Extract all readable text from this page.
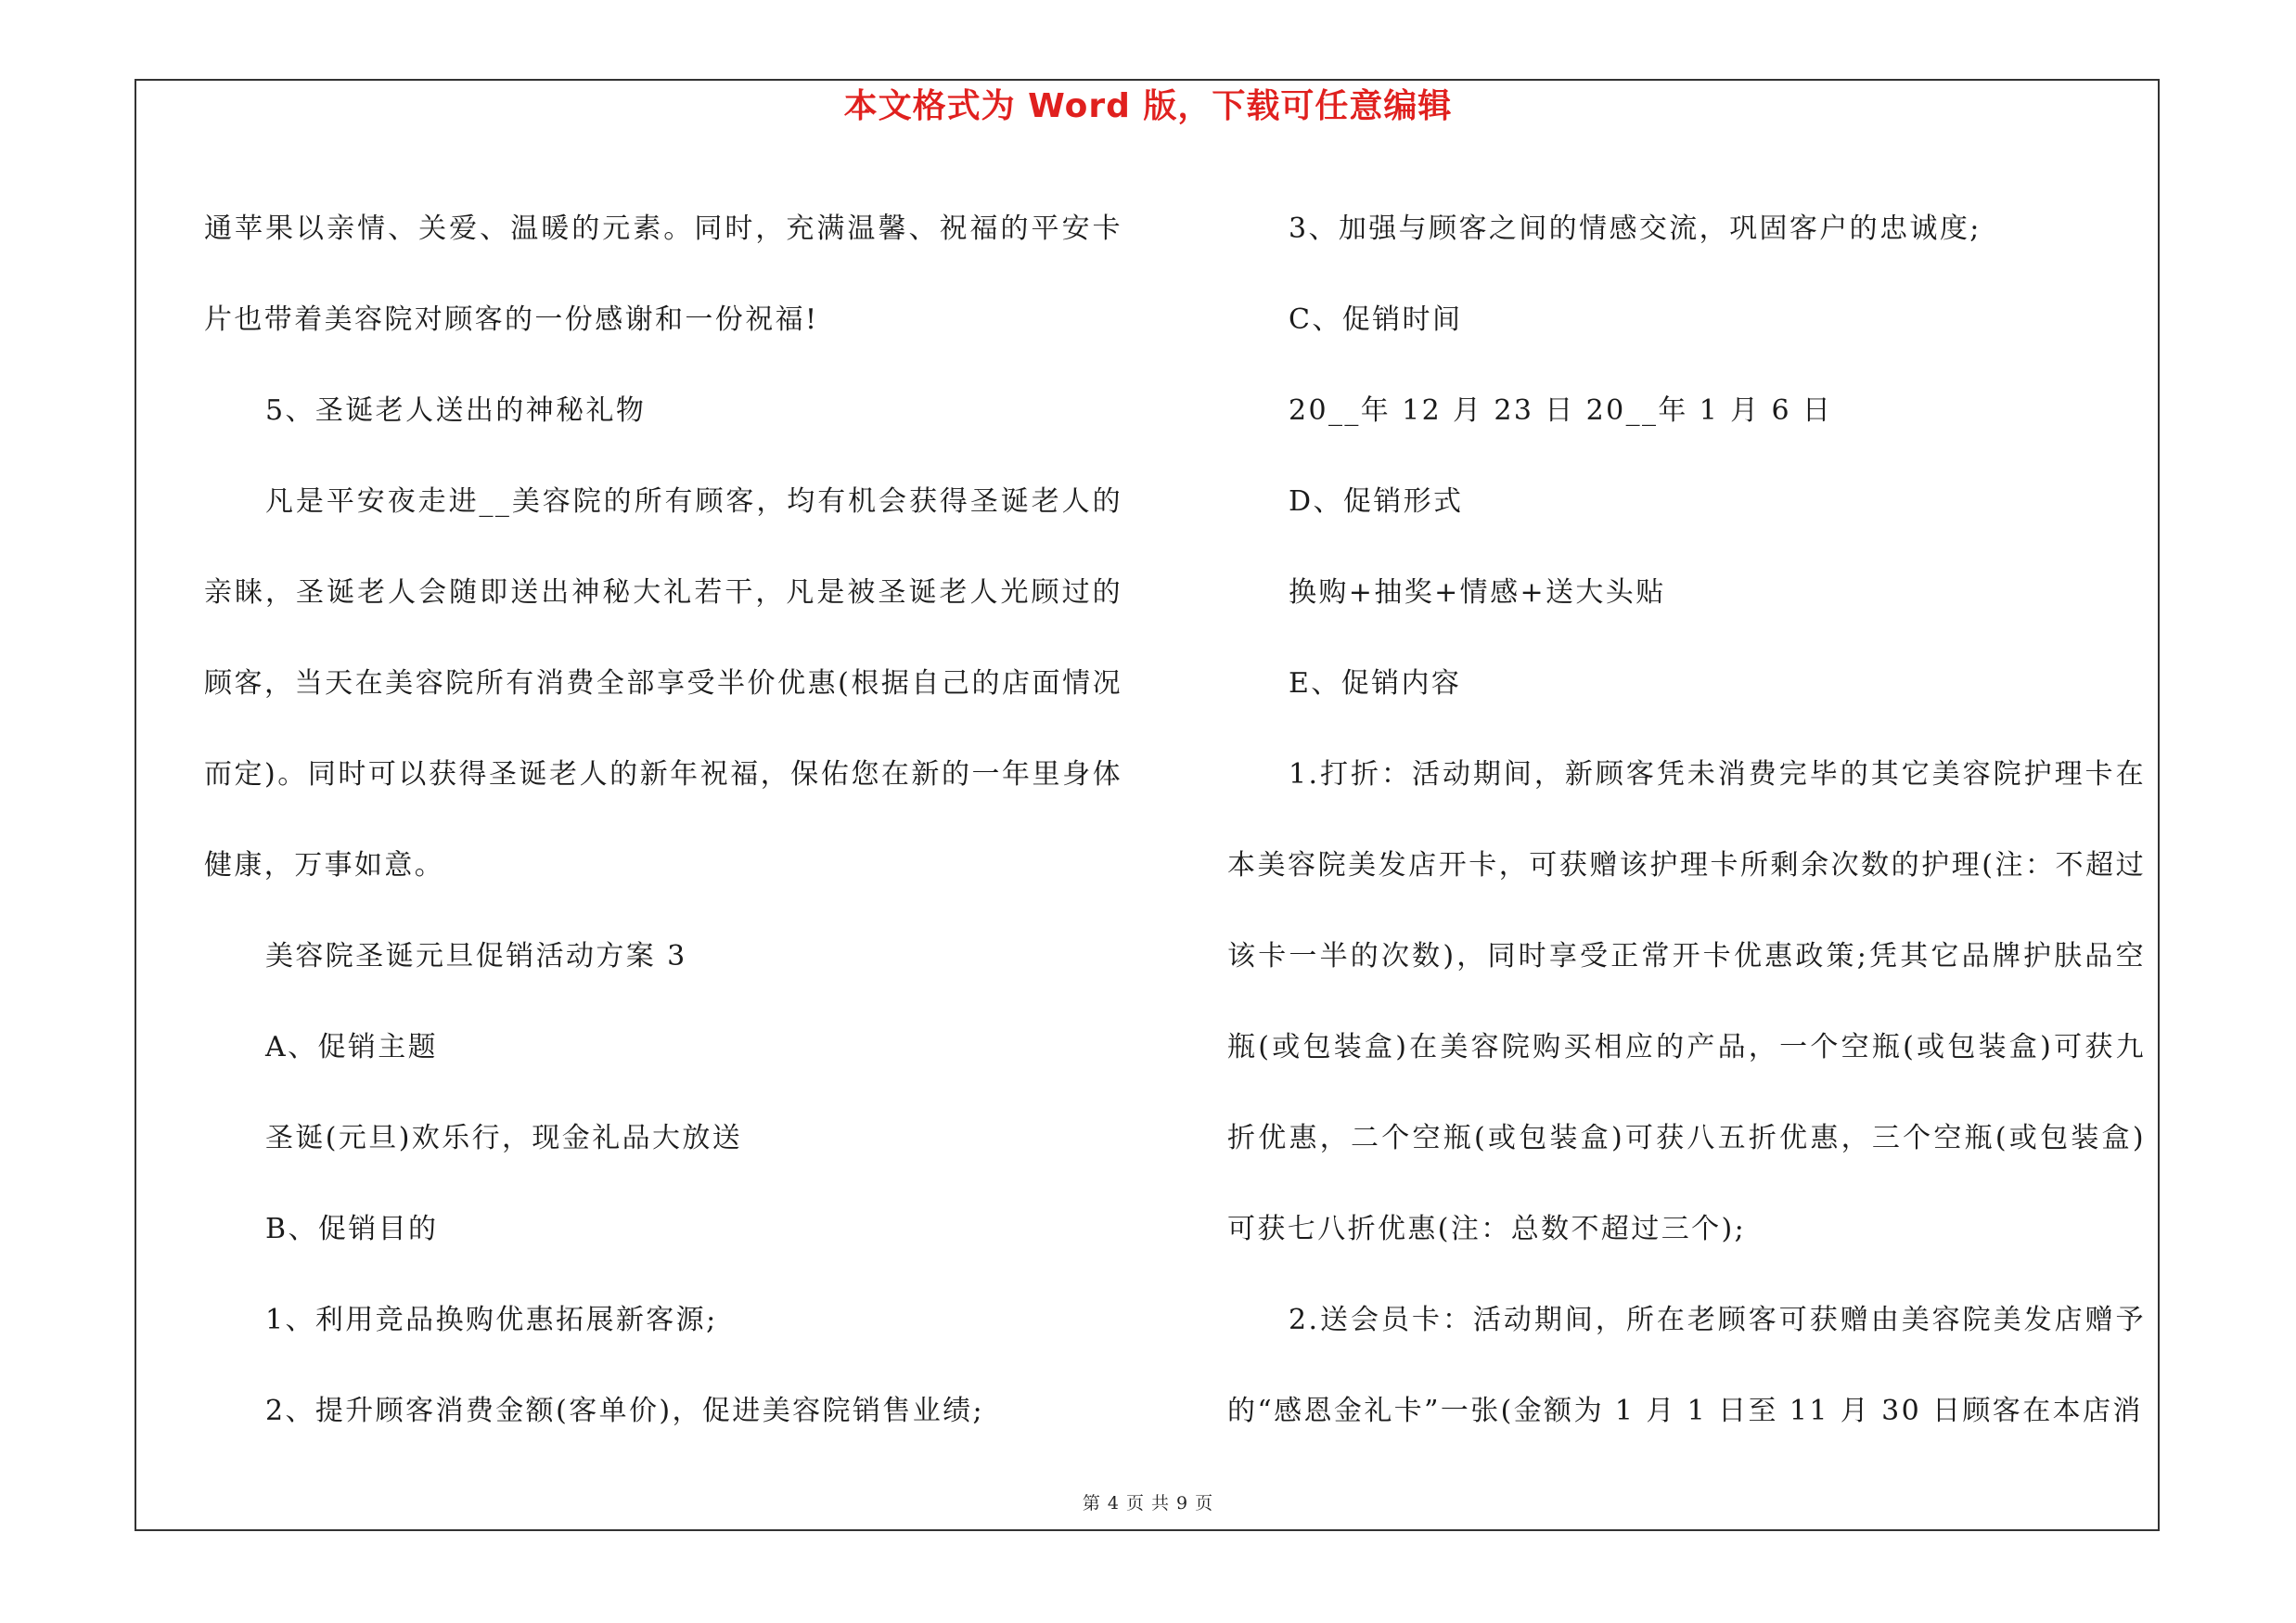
本文格式为 Word 版，下载可任意编辑

通苹果以亲情、关爱、温暖的元素。同时，充满温馨、祝福的平安卡片也带着美容院对顾客的一份感谢和一份祝福!

5、圣诞老人送出的神秘礼物

凡是平安夜走进__美容院的所有顾客，均有机会获得圣诞老人的亲睐，圣诞老人会随即送出神秘大礼若干，凡是被圣诞老人光顾过的顾客，当天在美容院所有消费全部享受半价优惠(根据自己的店面情况而定)。同时可以获得圣诞老人的新年祝福，保佑您在新的一年里身体健康，万事如意。

美容院圣诞元旦促销活动方案 3

A、促销主题

圣诞(元旦)欢乐行，现金礼品大放送

B、促销目的

1、利用竞品换购优惠拓展新客源;

2、提升顾客消费金额(客单价)，促进美容院销售业绩;

3、加强与顾客之间的情感交流，巩固客户的忠诚度;

C、促销时间

20__年 12 月 23 日 20__年 1 月 6 日

D、促销形式

换购+抽奖+情感+送大头贴

E、促销内容

1.打折：活动期间，新顾客凭未消费完毕的其它美容院护理卡在本美容院美发店开卡，可获赠该护理卡所剩余次数的护理(注：不超过该卡一半的次数)，同时享受正常开卡优惠政策;凭其它品牌护肤品空瓶(或包装盒)在美容院购买相应的产品，一个空瓶(或包装盒)可获九折优惠，二个空瓶(或包装盒)可获八五折优惠，三个空瓶(或包装盒)可获七八折优惠(注：总数不超过三个);

2.送会员卡：活动期间，所在老顾客可获赠由美容院美发店赠予的“感恩金礼卡”一张(金额为 1 月 1 日至 11 月 30 日顾客在本店消

第 4 页 共 9 页
